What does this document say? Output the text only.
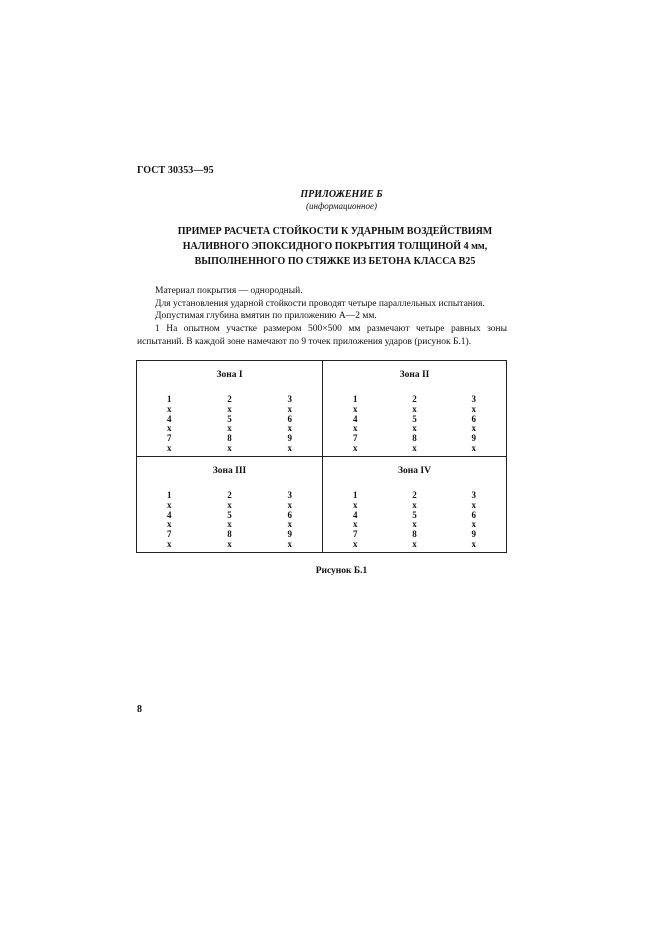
ГОСТ 30353—95
ПРИЛОЖЕНИЕ Б
(информационное)
ПРИМЕР РАСЧЕТА СТОЙКОСТИ К УДАРНЫМ ВОЗДЕЙСТВИЯМ
НАЛИВНОГО ЭПОКСИДНОГО ПОКРЫТИЯ ТОЛЩИНОЙ 4 мм,
ВЫПОЛНЕННОГО ПО СТЯЖКЕ ИЗ БЕТОНА КЛАССА В25
Материал покрытия — однородный.
Для установления ударной стойкости проводят четыре параллельных испытания.
Допустимая глубина вмятин по приложению А—2 мм.
1 На опытном участке размером 500×500 мм размечают четыре равных зоны испытаний. В каждой зоне намечают по 9 точек приложения ударов (рисунок Б.1).
Зона I
1
x
4
x
7
x
2
x
5
x
8
x
3
x
6
x
9
x
Зона II
1
x
4
x
7
x
2
x
5
x
8
x
3
x
6
x
9
x
Зона III
1
x
4
x
7
x
2
x
5
x
8
x
3
x
6
x
9
x
Зона IV
1
x
4
x
7
x
2
x
5
x
8
x
3
x
6
x
9
x
Рисунок Б.1
8
